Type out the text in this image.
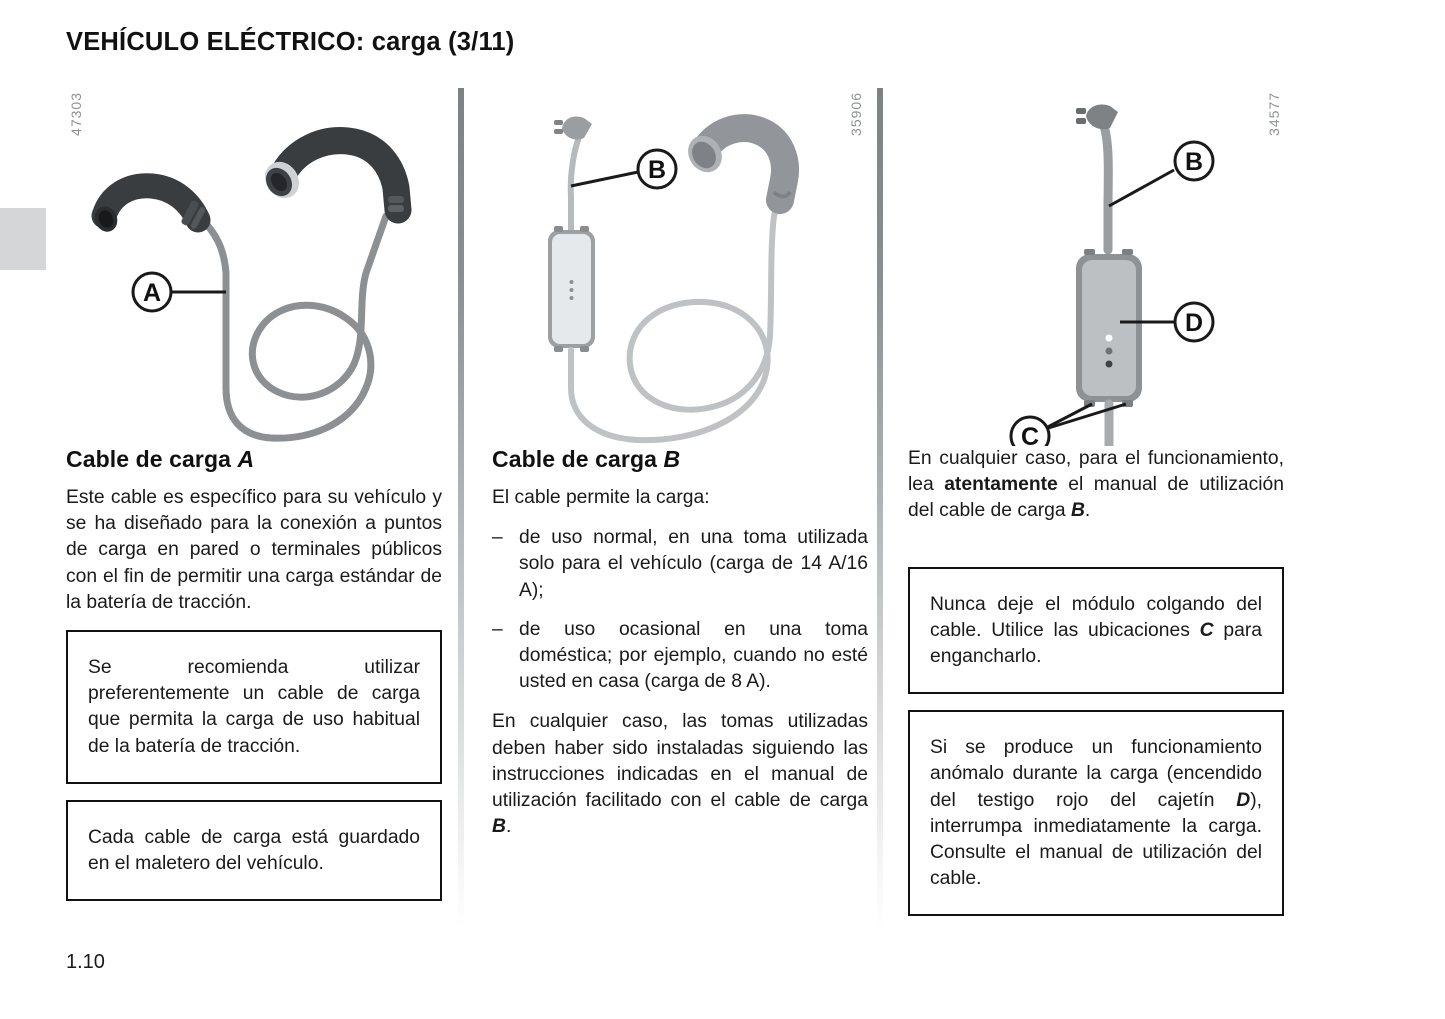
VEHÍCULO ELÉCTRICO: carga (3/11)
47303
A
Cable de carga A

Este cable es específico para su vehículo y se ha diseñado para la conexión a puntos de carga en pared o terminales públicos con el fin de permitir una carga estándar de la batería de tracción.

Se recomienda utilizar preferentemente un cable de carga que permita la carga de uso habitual de la batería de tracción.

Cada cable de carga está guardado en el maletero del vehículo.

35906
B
Cable de carga B

El cable permite la carga:

– de uso normal, en una toma utilizada solo para el vehículo (carga de 14 A/16 A);
– de uso ocasional en una toma doméstica; por ejemplo, cuando no esté usted en casa (carga de 8 A).

En cualquier caso, las tomas utilizadas deben haber sido instaladas siguiendo las instrucciones indicadas en el manual de utilización facilitado con el cable de carga B.

34577
B
D
C

En cualquier caso, para el funcionamiento, lea atentamente el manual de utilización del cable de carga B.

Nunca deje el módulo colgando del cable. Utilice las ubicaciones C para engancharlo.

Si se produce un funcionamiento anómalo durante la carga (encendido del testigo rojo del cajetín D), interrumpa inmediatamente la carga. Consulte el manual de utilización del cable.

1.10
